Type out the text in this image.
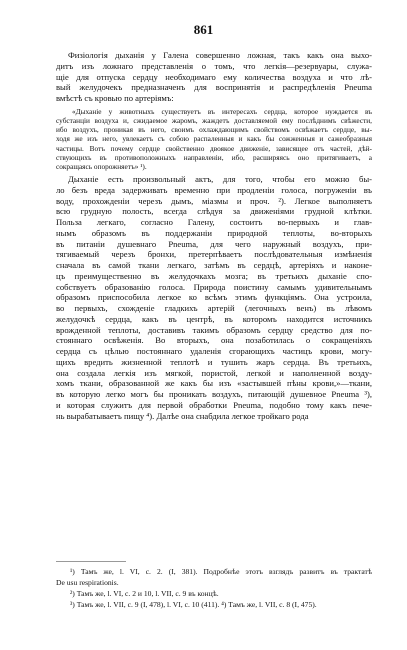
861
Физiологiя дыханiя у Галена совершенно ложная, такъ какъ она выхо-
дитъ изъ ложнаго представленiя о томъ, что легкiя—резервуары, служа-
щiе для отпуска сердцу необходимаго ему количества воздуха и что лѣ-
вый желудочекъ предназначенъ для воспринятiя и распредѣленiя Pneuma
вмѣстѣ съ кровью по артерiямъ:
«Дыханiе у животныхъ существуетъ въ интересахъ сердца, которое нуждается въ
субстанцiи воздуха и, сжидаемое жаромъ, жаждетъ доставляемой ему послѣднимъ свѣжести,
ибо воздухъ, проникая въ него, своимъ охлаждающимъ свойствомъ освѣжаетъ сердце, вы-
ходя же изъ него, увлекаетъ съ собою распаленныя и какъ бы сожженныя и сажеобразныя
частицы. Вотъ почему сердце свойственно двоякое движенiе, зависящее отъ частей, дѣй-
ствующихъ въ противоположныхъ направленiи, ибо, расширяясь оно притягиваетъ, а
сокращаясь опорожняетъ» ¹).
Дыханiе есть произвольный актъ, для того, чтобы его можно бы-
ло безъ вреда задерживать временно при продленiи голоса, погруженiи въ
воду, прохожденiи черезъ дымъ, мiазмы и проч. ²). Легкое выполняетъ
всю грудную полость, всегда слѣдуя за движенiями грудной клѣтки.
Польза легкаго, согласно Галену, состоитъ во-первыхъ и глав-
нымъ образомъ въ поддержанiи природной теплоты, во-вторыхъ
въ питанiи душевнаго Pneuma, для чего наружный воздухъ, при-
тягиваемый черезъ бронхи, претерпѣваетъ послѣдовательныя измѣненiя
сначала въ самой ткани легкаго, затѣмъ въ сердцѣ, артерiяхъ и наконе-
цъ преимущественно въ желудочкахъ мозга; въ третьихъ дыханiе спо-
собствуетъ образованiю голоса. Природа поистину самымъ удивительнымъ
образомъ приспособила легкое ко всѣмъ этимъ функцiямъ. Она устроила,
во первыхъ, схожденiе гладкихъ артерiй (легочныхъ венъ) въ лѣвомъ
желудочкѣ сердца, какъ въ центрѣ, въ которомъ находится источникъ
врожденной теплоты, доставивъ такимъ образомъ сердцу средство для по-
стояннаго освѣженiя. Во вторыхъ, она позаботилась о сокращенiяхъ
сердца съ цѣлью постояннаго удаленiя сгорающихъ частицъ крови, могу-
щихъ вредить жизненной теплотѣ и тушить жаръ сердца. Въ третьихъ,
она создала легкiя изъ мягкой, пористой, легкой и наполненной возду-
хомъ ткани, образованной же какъ бы изъ «застывшей пѣны крови,»—ткани,
въ которую легко могъ бы проникать воздухъ, питающiй душевное Pneuma ³),
и которая служитъ для первой обработки Pneuma, подобно тому какъ пече-
нь вырабатываетъ пищу ⁴). Далѣе она снабдила легкое тройкаго рода
¹) Тамъ же, l. VI, c. 2. (I, 381). Подробнѣе этотъ взглядъ развитъ въ трактатѣ
De usu respirationis.
²) Тамъ же, l. VI, c. 2 и 10, l. VII, c. 9 въ концѣ.
³) Тамъ же, l. VII, c. 9 (I, 478), l. VI, c. 10 (411). ⁴) Тамъ же, l. VII, c. 8 (I, 475).
